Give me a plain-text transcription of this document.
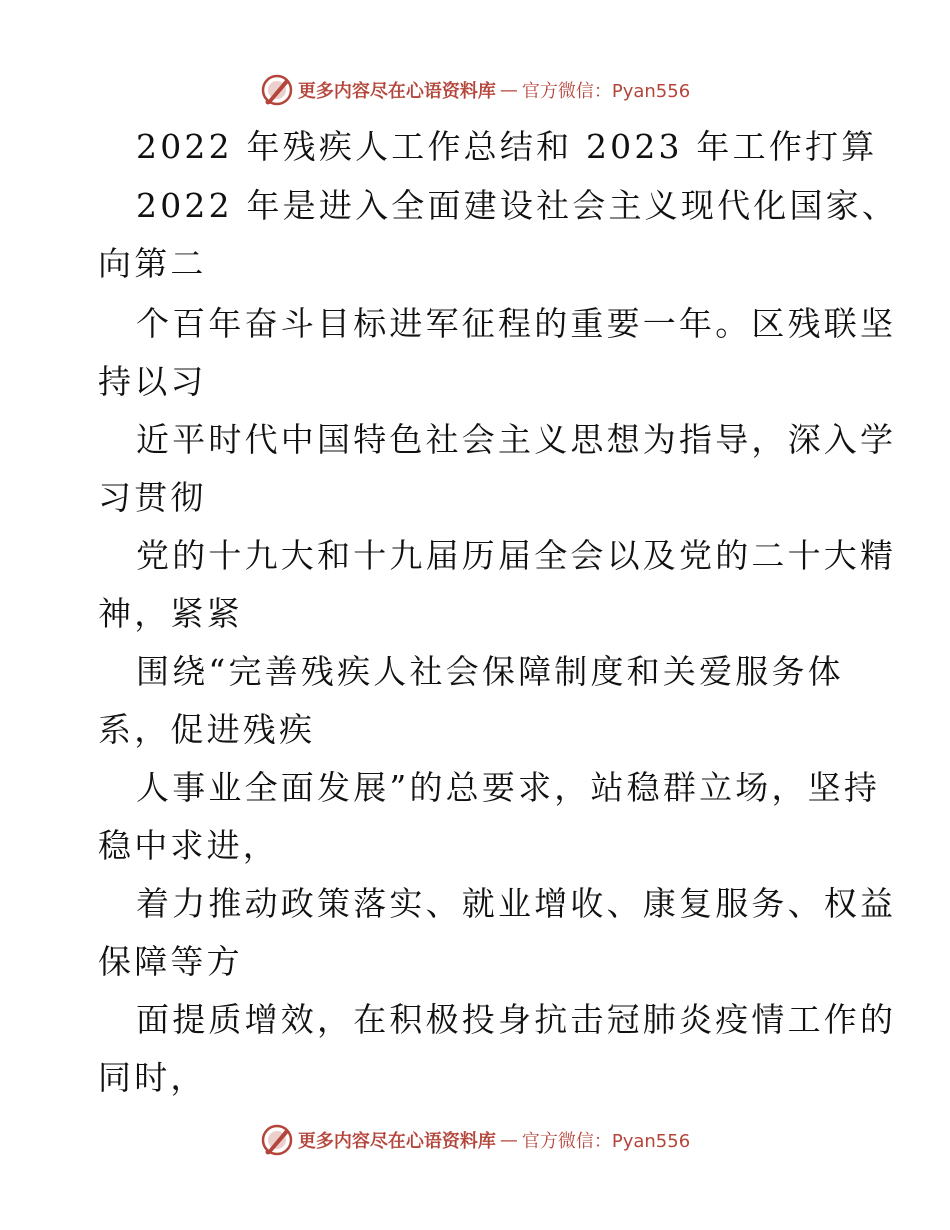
更多内容尽在心语资料库 — 官方微信：Pyan556
2022 年残疾人工作总结和 2023 年工作打算
2022 年是进入全面建设社会主义现代化国家、
向第二
个百年奋斗目标进军征程的重要一年。区残联坚
持以习
近平时代中国特色社会主义思想为指导，深入学
习贯彻
党的十九大和十九届历届全会以及党的二十大精
神，紧紧
围绕“完善残疾人社会保障制度和关爱服务体
系，促进残疾
人事业全面发展”的总要求，站稳群立场，坚持
稳中求进，
着力推动政策落实、就业增收、康复服务、权益
保障等方
面提质增效，在积极投身抗击冠肺炎疫情工作的
同时，
更多内容尽在心语资料库 — 官方微信：Pyan556
